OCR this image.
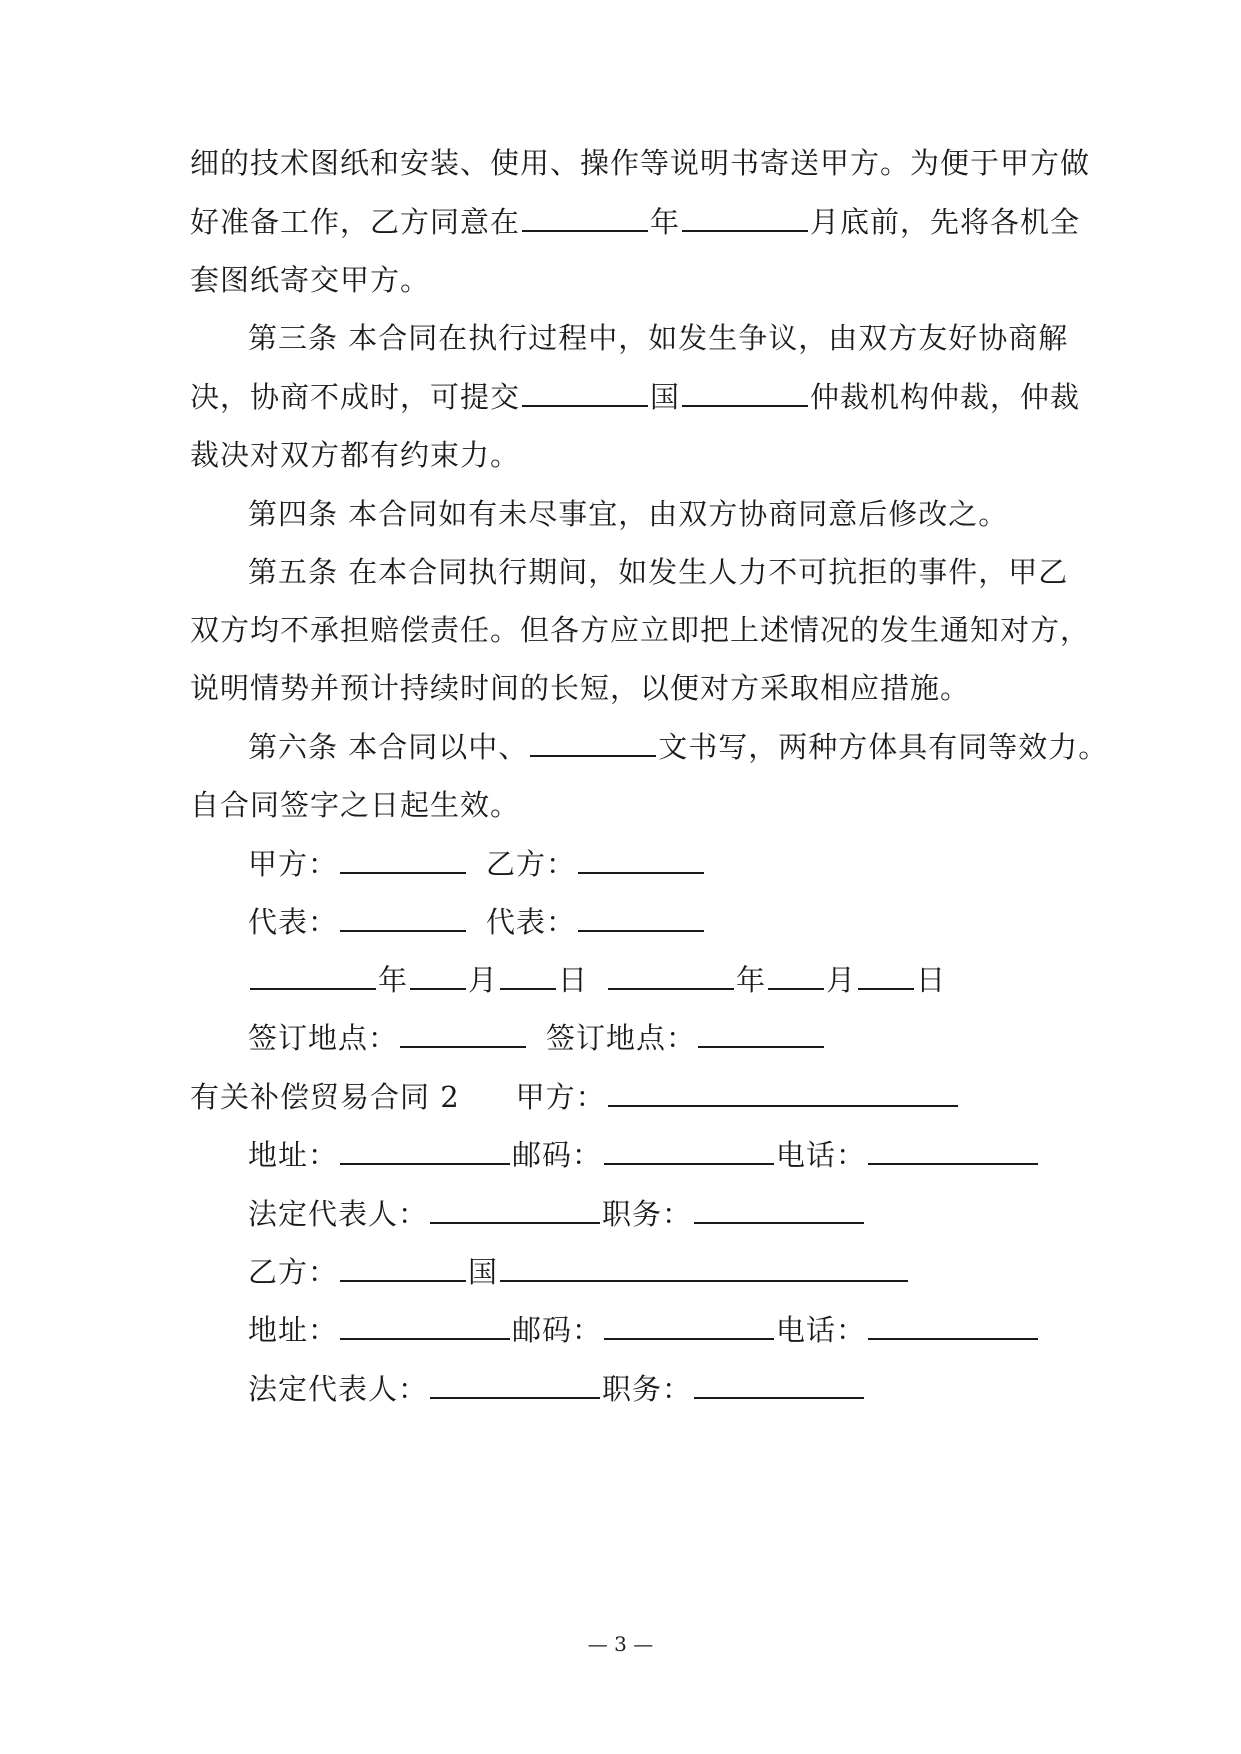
细的技术图纸和安装、使用、操作等说明书寄送甲方。为便于甲方做
好准备工作，乙方同意在	年	月底前，先将各机全
套图纸寄交甲方。
第三条 本合同在执行过程中，如发生争议，由双方友好协商解
决，协商不成时，可提交	国	仲裁机构仲裁，仲裁
裁决对双方都有约束力。
第四条 本合同如有未尽事宜，由双方协商同意后修改之。
第五条 在本合同执行期间，如发生人力不可抗拒的事件，甲乙
双方均不承担赔偿责任。但各方应立即把上述情况的发生通知对方，
说明情势并预计持续时间的长短，以便对方采取相应措施。
第六条 本合同以中、	文书写，两种方体具有同等效力。
自合同签字之日起生效。
甲方：	乙方：
代表：	代表：
年 月 日	年 月 日
签订地点：	签订地点：
有关补偿贸易合同 2 甲方：
地址：	邮码：	电话：
法定代表人：	职务：
乙方：	国
地址：	邮码：	电话：
法定代表人：	职务：
— 3 —
